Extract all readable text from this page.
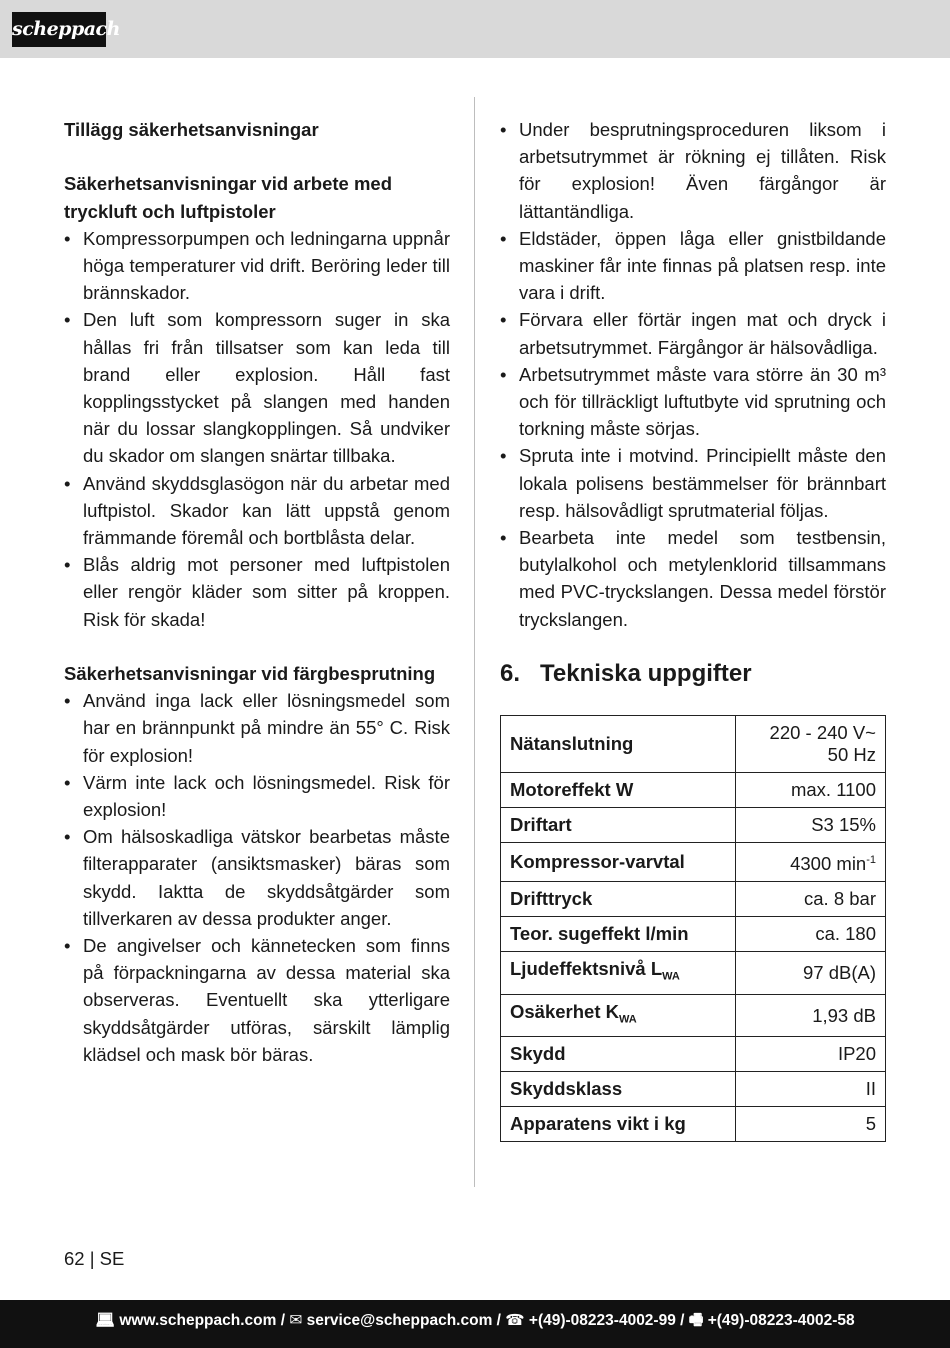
scheppach
Tillägg säkerhetsanvisningar
Säkerhetsanvisningar vid arbete med tryckluft och luftpistoler
• Kompressorpumpen och ledningarna uppnår höga temperaturer vid drift. Beröring leder till brännskador.
• Den luft som kompressorn suger in ska hållas fri från tillsatser som kan leda till brand eller explosion. Håll fast kopplingsstycket på slangen med handen när du lossar slangkopplingen. Så undviker du skador om slangen snärtar tillbaka.
• Använd skyddsglasögon när du arbetar med luftpistol. Skador kan lätt uppstå genom främmande föremål och bortblåsta delar.
• Blås aldrig mot personer med luftpistolen eller rengör kläder som sitter på kroppen. Risk för skada!
Säkerhetsanvisningar vid färgbesprutning
• Använd inga lack eller lösningsmedel som har en brännpunkt på mindre än 55° C. Risk för explosion!
• Värm inte lack och lösningsmedel. Risk för explosion!
• Om hälsoskadliga vätskor bearbetas måste filterapparater (ansiktsmasker) bäras som skydd. Iaktta de skyddsåtgärder som tillverkaren av dessa produkter anger.
• De angivelser och kännetecken som finns på förpackningarna av dessa material ska observeras. Eventuellt ska ytterligare skyddsåtgärder utföras, särskilt lämplig klädsel och mask bör bäras.
• Under besprutningsproceduren liksom i arbetsutrymmet är rökning ej tillåten. Risk för explosion! Även färgångor är lättantändliga.
• Eldstäder, öppen låga eller gnistbildande maskiner får inte finnas på platsen resp. inte vara i drift.
• Förvara eller förtär ingen mat och dryck i arbetsutrymmet. Färgångor är hälsovådliga.
• Arbetsutrymmet måste vara större än 30 m³ och för tillräckligt luftutbyte vid sprutning och torkning måste sörjas.
• Spruta inte i motvind. Principiellt måste den lokala polisens bestämmelser för brännbart resp. hälsovådligt sprutmaterial följas.
• Bearbeta inte medel som testbensin, butylalkohol och metylenklorid tillsammans med PVC-tryckslangen. Dessa medel förstör tryckslangen.
6. Tekniska uppgifter
Nätanslutning	220 - 240 V~
50 Hz
Motoreffekt W	max. 1100
Driftart	S3 15%
Kompressor-varvtal	4300 $\min^{-1}$
Drifttryck	ca. 8 bar
Teor. sugeffekt l/min	ca. 180
Ljudeffektsnivå $L_{WA}$	97 dB(A)
Osäkerhet $K_{WA}$	1,93 dB
Skydd	IP20
Skyddsklass	II
Apparatens vikt i kg	5
62 | SE
💻︎ www.scheppach.com / ✉︎ service@scheppach.com / ☎︎ +(49)-08223-4002-99 / 🖷︎ +(49)-08223-4002-58
